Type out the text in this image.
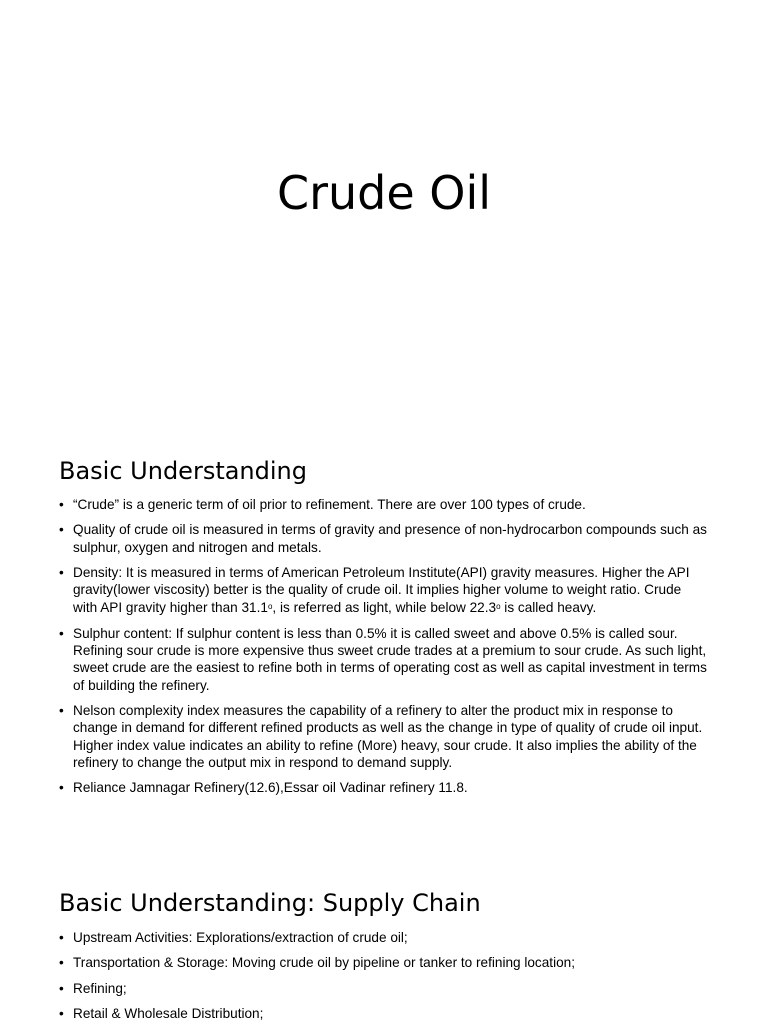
Crude Oil
Basic Understanding
• “Crude” is a generic term of oil prior to refinement. There are over 100 types of crude.
• Quality of crude oil is measured in terms of gravity and presence of non-hydrocarbon compounds such as sulphur, oxygen and nitrogen and metals.
• Density: It is measured in terms of American Petroleum Institute(API) gravity measures. Higher the API gravity(lower viscosity) better is the quality of crude oil. It implies higher volume to weight ratio. Crude with API gravity higher than 31.1$^o$, is referred as light, while below 22.3$^o$ is called heavy.
• Sulphur content: If sulphur content is less than 0.5% it is called sweet and above 0.5% is called sour. Refining sour crude is more expensive thus sweet crude trades at a premium to sour crude. As such light, sweet crude are the easiest to refine both in terms of operating cost as well as capital investment in terms of building the refinery.
• Nelson complexity index measures the capability of a refinery to alter the product mix in response to change in demand for different refined products as well as the change in type of quality of crude oil input. Higher index value indicates an ability to refine (More) heavy, sour crude. It also implies the ability of the refinery to change the output mix in respond to demand supply.
• Reliance Jamnagar Refinery(12.6),Essar oil Vadinar refinery 11.8.
Basic Understanding: Supply Chain
• Upstream Activities: Explorations/extraction of crude oil;
• Transportation & Storage: Moving crude oil by pipeline or tanker to refining location;
• Refining;
• Retail & Wholesale Distribution;
